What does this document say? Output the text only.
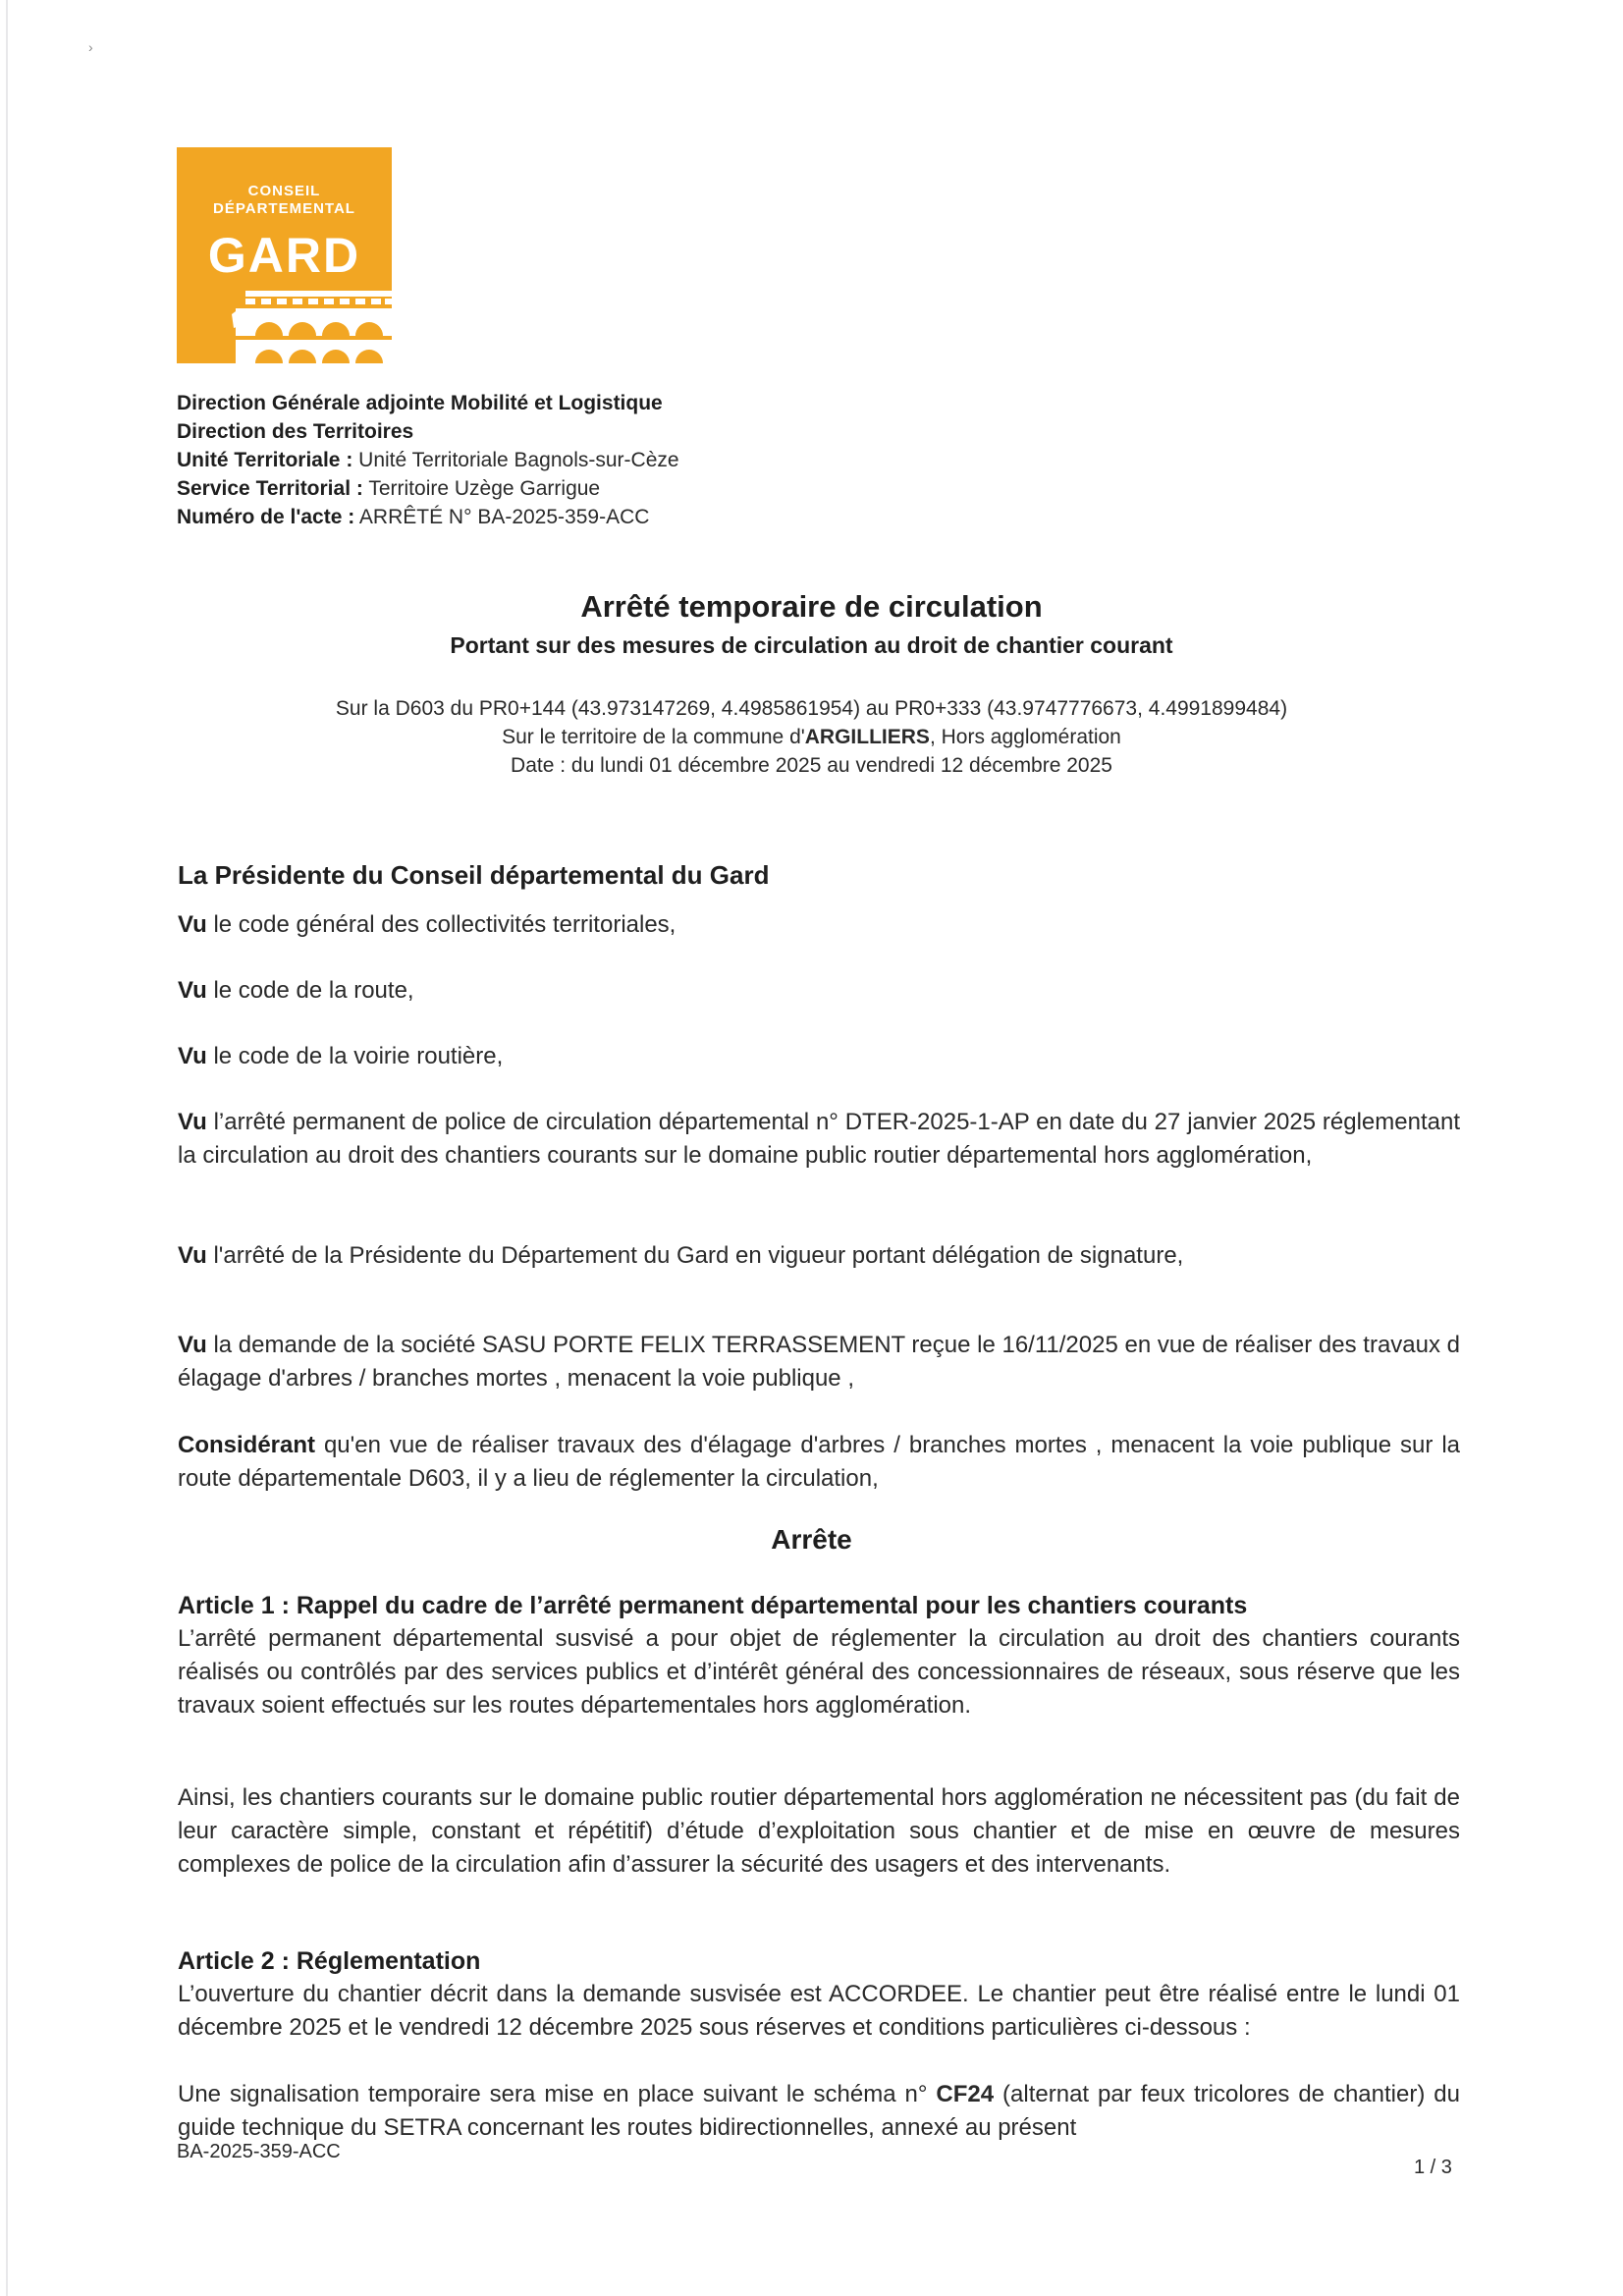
›
CONSEIL
DÉPARTEMENTAL
GARD
Direction Générale adjointe Mobilité et Logistique
Direction des Territoires
Unité Territoriale : Unité Territoriale Bagnols-sur-Cèze
Service Territorial : Territoire Uzège Garrigue
Numéro de l'acte : ARRÊTÉ N° BA-2025-359-ACC
Arrêté temporaire de circulation
Portant sur des mesures de circulation au droit de chantier courant
Sur la D603 du PR0+144 (43.973147269, 4.4985861954) au PR0+333 (43.9747776673, 4.4991899484)
Sur le territoire de la commune d'ARGILLIERS, Hors agglomération
Date : du lundi 01 décembre 2025 au vendredi 12 décembre 2025
La Présidente du Conseil départemental du Gard
Vu le code général des collectivités territoriales,
Vu le code de la route,
Vu le code de la voirie routière,
Vu l’arrêté permanent de police de circulation départemental n° DTER-2025-1-AP en date du 27 janvier 2025 réglementant la circulation au droit des chantiers courants sur le domaine public routier départemental hors agglomération,
Vu l'arrêté de la Présidente du Département du Gard en vigueur portant délégation de signature,
Vu la demande de la société SASU PORTE FELIX TERRASSEMENT reçue le 16/11/2025 en vue de réaliser des travaux d élagage d'arbres / branches mortes , menacent la voie publique ,
Considérant qu'en vue de réaliser travaux des d'élagage d'arbres / branches mortes , menacent la voie publique sur la route départementale D603, il y a lieu de réglementer la circulation,
Arrête
Article 1 : Rappel du cadre de l’arrêté permanent départemental pour les chantiers courants
L’arrêté permanent départemental susvisé a pour objet de réglementer la circulation au droit des chantiers courants réalisés ou contrôlés par des services publics et d’intérêt général des concessionnaires de réseaux, sous réserve que les travaux soient effectués sur les routes départementales hors agglomération.
Ainsi, les chantiers courants sur le domaine public routier départemental hors agglomération ne nécessitent pas (du fait de leur caractère simple, constant et répétitif) d’étude d’exploitation sous chantier et de mise en œuvre de mesures complexes de police de la circulation afin d’assurer la sécurité des usagers et des intervenants.
Article 2 : Réglementation
L’ouverture du chantier décrit dans la demande susvisée est ACCORDEE. Le chantier peut être réalisé entre le lundi 01 décembre 2025 et le vendredi 12 décembre 2025 sous réserves et conditions particulières ci-dessous :
Une signalisation temporaire sera mise en place suivant le schéma n° CF24 (alternat par feux tricolores de chantier) du guide technique du SETRA concernant les routes bidirectionnelles, annexé au présent
BA-2025-359-ACC
1 / 3
